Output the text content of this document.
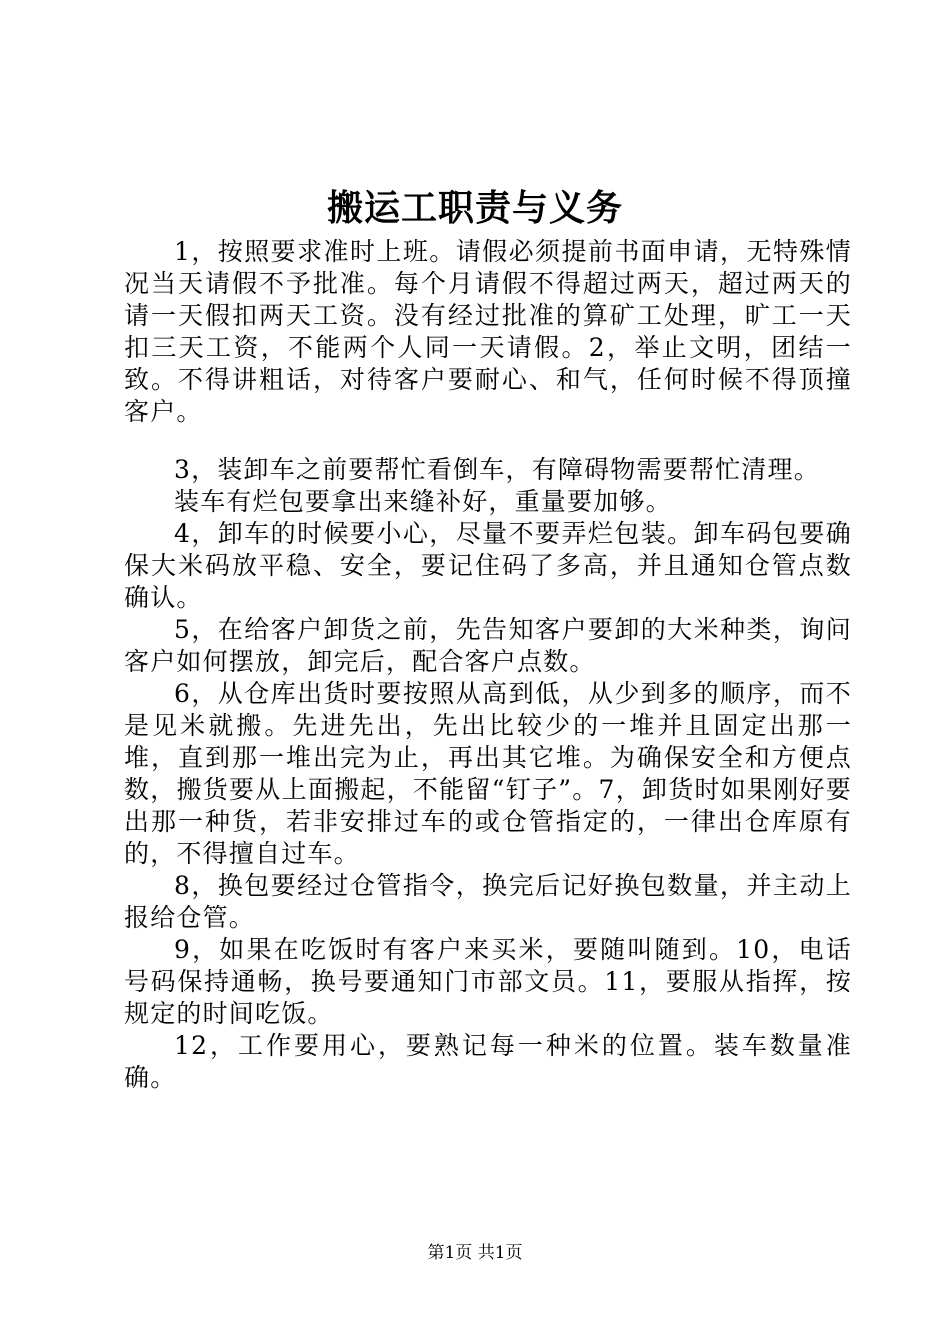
搬运工职责与义务

1，按照要求准时上班。请假必须提前书面申请，无特殊情况当天请假不予批准。每个月请假不得超过两天，超过两天的请一天假扣两天工资。没有经过批准的算矿工处理，旷工一天扣三天工资，不能两个人同一天请假。2，举止文明，团结一致。不得讲粗话，对待客户要耐心、和气，任何时候不得顶撞客户。

3，装卸车之前要帮忙看倒车，有障碍物需要帮忙清理。

装车有烂包要拿出来缝补好，重量要加够。

4，卸车的时候要小心，尽量不要弄烂包装。卸车码包要确保大米码放平稳、安全，要记住码了多高，并且通知仓管点数确认。

5，在给客户卸货之前，先告知客户要卸的大米种类，询问客户如何摆放，卸完后，配合客户点数。

6，从仓库出货时要按照从高到低，从少到多的顺序，而不是见米就搬。先进先出，先出比较少的一堆并且固定出那一堆，直到那一堆出完为止，再出其它堆。为确保安全和方便点数，搬货要从上面搬起，不能留“钉子”。7，卸货时如果刚好要出那一种货，若非安排过车的或仓管指定的，一律出仓库原有的，不得擅自过车。

8，换包要经过仓管指令，换完后记好换包数量，并主动上报给仓管。

9，如果在吃饭时有客户来买米，要随叫随到。10，电话号码保持通畅，换号要通知门市部文员。11，要服从指挥，按规定的时间吃饭。

12，工作要用心，要熟记每一种米的位置。装车数量准确。

第1页 共1页
